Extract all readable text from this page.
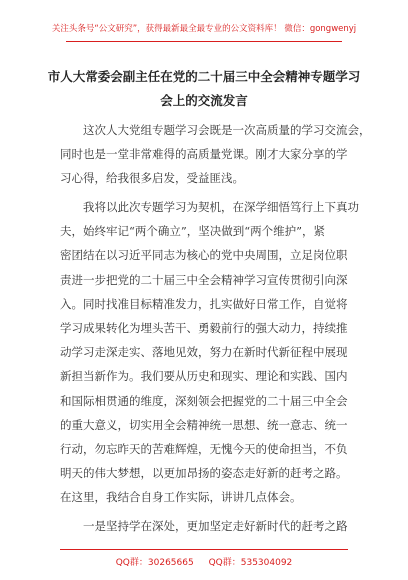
关注头条号“公文研究”，获得最新最全最专业的公文资料库！ 微信：gongwenyj
市人大常委会副主任在党的二十届三中全会精神专题学习
会上的交流发言
　　这次人大党组专题学习会既是一次高质量的学习交流会，
同时也是一堂非常难得的高质量党课。刚才大家分享的学
习心得，给我很多启发，受益匪浅。
　　我将以此次专题学习为契机，在深学细悟笃行上下真功
夫，始终牢记“两个确立”，坚决做到“两个维护”，紧
密团结在以习近平同志为核心的党中央周围，立足岗位职
责进一步把党的二十届三中全会精神学习宣传贯彻引向深
入。同时找准目标精准发力，扎实做好日常工作，自觉将
学习成果转化为埋头苦干、勇毅前行的强大动力，持续推
动学习走深走实、落地见效，努力在新时代新征程中展现
新担当新作为。我们要从历史和现实、理论和实践、国内
和国际相贯通的维度，深刻领会把握党的二十届三中全会
的重大意义，切实用全会精神统一思想、统一意志、统一
行动，勿忘昨天的苦难辉煌，无愧今天的使命担当，不负
明天的伟大梦想，以更加昂扬的姿态走好新的赶考之路。
在这里，我结合自身工作实际，讲讲几点体会。
　　一是坚持学在深处，更加坚定走好新时代的赶考之路
QQ群：30265665 QQ群：535304092
